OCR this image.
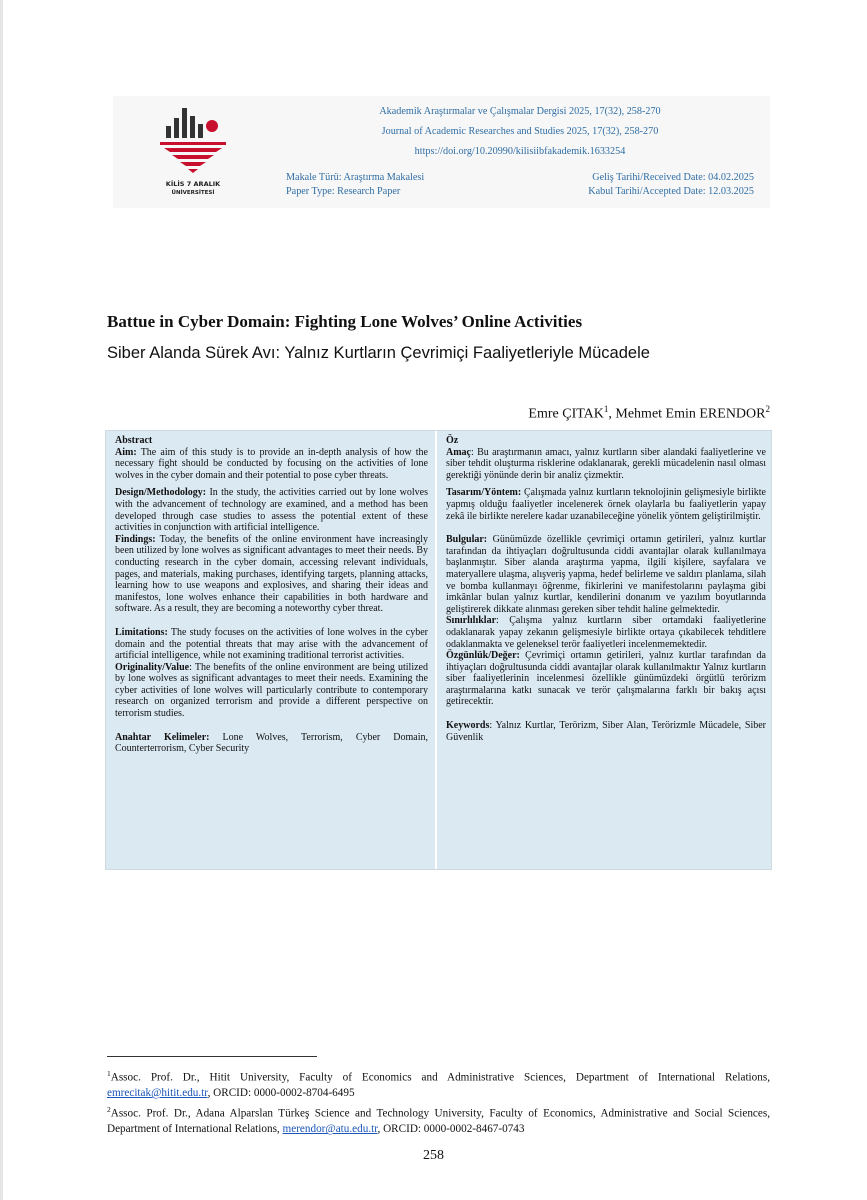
KİLİS 7 ARALIK
ÜNİVERSİTESİ
Akademik Araştırmalar ve Çalışmalar Dergisi 2025, 17(32), 258-270
Journal of Academic Researches and Studies 2025, 17(32), 258-270
https://doi.org/10.20990/kilisiibfakademik.1633254
Makale Türü: Araştırma Makalesi
Paper Type: Research Paper
Geliş Tarihi/Received Date: 04.02.2025
Kabul Tarihi/Accepted Date: 12.03.2025
Battue in Cyber Domain: Fighting Lone Wolves’ Online Activities
Siber Alanda Sürek Avı: Yalnız Kurtların Çevrimiçi Faaliyetleriyle Mücadele
Emre ÇITAK$^1$, Mehmet Emin ERENDOR$^2$

Abstract

Aim: The aim of this study is to provide an in-depth analysis of how the necessary fight should be conducted by focusing on the activities of lone wolves in the cyber domain and their potential to pose cyber threats.

Design/Methodology: In the study, the activities carried out by lone wolves with the advancement of technology are examined, and a method has been developed through case studies to assess the potential extent of these activities in conjunction with artificial intelligence.

Findings: Today, the benefits of the online environment have increasingly been utilized by lone wolves as significant advantages to meet their needs. By conducting research in the cyber domain, accessing relevant individuals, pages, and materials, making purchases, identifying targets, planning attacks, learning how to use weapons and explosives, and sharing their ideas and manifestos, lone wolves enhance their capabilities in both hardware and software. As a result, they are becoming a noteworthy cyber threat.

Limitations: The study focuses on the activities of lone wolves in the cyber domain and the potential threats that may arise with the advancement of artificial intelligence, while not examining traditional terrorist activities.

Originality/Value: The benefits of the online environment are being utilized by lone wolves as significant advantages to meet their needs. Examining the cyber activities of lone wolves will particularly contribute to contemporary research on organized terrorism and provide a different perspective on terrorism studies.

Anahtar Kelimeler: Lone Wolves, Terrorism, Cyber Domain, Counterterrorism, Cyber Security

Öz

Amaç: Bu araştırmanın amacı, yalnız kurtların siber alandaki faaliyetlerine ve siber tehdit oluşturma risklerine odaklanarak, gerekli mücadelenin nasıl olması gerektiği yönünde derin bir analiz çizmektir.

Tasarım/Yöntem: Çalışmada yalnız kurtların teknolojinin gelişmesiyle birlikte yapmış olduğu faaliyetler incelenerek örnek olaylarla bu faaliyetlerin yapay zekâ ile birlikte nerelere kadar uzanabileceğine yönelik yöntem geliştirilmiştir.

Bulgular: Günümüzde özellikle çevrimiçi ortamın getirileri, yalnız kurtlar tarafından da ihtiyaçları doğrultusunda ciddi avantajlar olarak kullanılmaya başlanmıştır. Siber alanda araştırma yapma, ilgili kişilere, sayfalara ve materyallere ulaşma, alışveriş yapma, hedef belirleme ve saldırı planlama, silah ve bomba kullanmayı öğrenme, fikirlerini ve manifestolarını paylaşma gibi imkânlar bulan yalnız kurtlar, kendilerini donanım ve yazılım boyutlarında geliştirerek dikkate alınması gereken siber tehdit haline gelmektedir.

Sınırlılıklar: Çalışma yalnız kurtların siber ortamdaki faaliyetlerine odaklanarak yapay zekanın gelişmesiyle birlikte ortaya çıkabilecek tehditlere odaklanmakta ve geleneksel terör faaliyetleri incelenmemektedir.

Özgünlük/Değer: Çevrimiçi ortamın getirileri, yalnız kurtlar tarafından da ihtiyaçları doğrultusunda ciddi avantajlar olarak kullanılmaktır Yalnız kurtların siber faaliyetlerinin incelenmesi özellikle günümüzdeki örgütlü terörizm araştırmalarına katkı sunacak ve terör çalışmalarına farklı bir bakış açısı getirecektir.

Keywords: Yalnız Kurtlar, Terörizm, Siber Alan, Terörizmle Mücadele, Siber Güvenlik

$^1$Assoc. Prof. Dr., Hitit University, Faculty of Economics and Administrative Sciences, Department of International Relations, emrecitak@hitit.edu.tr, ORCID: 0000-0002-8704-6495

$^2$Assoc. Prof. Dr., Adana Alparslan Türkeş Science and Technology University, Faculty of Economics, Administrative and Social Sciences, Department of International Relations, merendor@atu.edu.tr, ORCID: 0000-0002-8467-0743

258
